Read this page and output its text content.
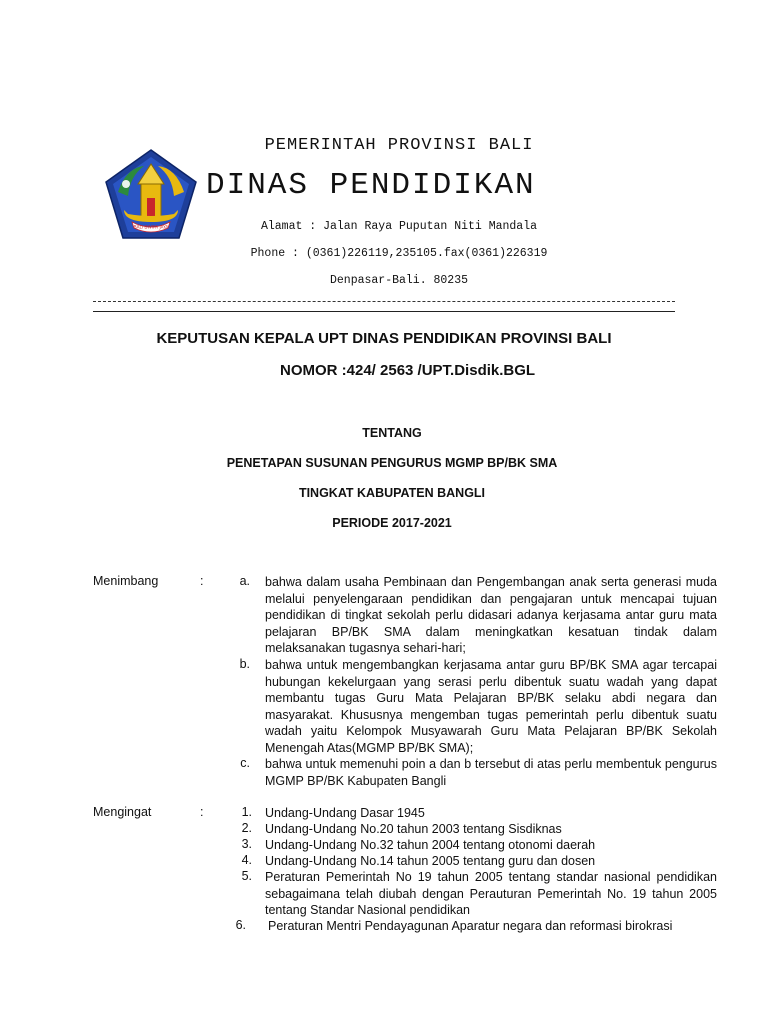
BALI DWIPA JAYA
PEMERINTAH PROVINSI BALI
DINAS PENDIDIKAN
Alamat : Jalan Raya Puputan Niti Mandala
Phone : (0361)226119,235105.fax(0361)226319
Denpasar-Bali. 80235
KEPUTUSAN KEPALA UPT DINAS PENDIDIKAN PROVINSI BALI
NOMOR :424/ 2563 /UPT.Disdik.BGL
TENTANG
PENETAPAN SUSUNAN PENGURUS MGMP BP/BK SMA
TINGKAT KABUPATEN BANGLI
PERIODE 2017-2021
Menimbang	:	a. bahwa dalam usaha Pembinaan dan Pengembangan anak serta generasi muda melalui penyelengaraan pendidikan dan pengajaran untuk mencapai tujuan pendidikan di tingkat sekolah perlu didasari adanya kerjasama antar guru mata pelajaran BP/BK SMA dalam meningkatkan kesatuan tindak dalam melaksanakan tugasnya sehari-hari;
b. bahwa untuk mengembangkan kerjasama antar guru BP/BK SMA agar tercapai hubungan kekelurgaan yang serasi perlu dibentuk suatu wadah yang dapat membantu tugas Guru Mata Pelajaran BP/BK selaku abdi negara dan masyarakat. Khususnya mengemban tugas pemerintah perlu dibentuk suatu wadah yaitu Kelompok Musyawarah Guru Mata Pelajaran BP/BK Sekolah Menengah Atas(MGMP BP/BK SMA);
c. bahwa untuk memenuhi poin a dan b tersebut di atas perlu membentuk pengurus MGMP BP/BK Kabupaten Bangli
Mengingat	:	1. Undang-Undang Dasar 1945
2. Undang-Undang No.20 tahun 2003 tentang Sisdiknas
3. Undang-Undang No.32 tahun 2004 tentang otonomi daerah
4. Undang-Undang No.14 tahun 2005 tentang guru dan dosen
5. Peraturan Pemerintah No 19 tahun 2005 tentang standar nasional pendidikan sebagaimana telah diubah dengan Perauturan Pemerintah No. 19 tahun 2005 tentang Standar Nasional pendidikan
6. Peraturan Mentri Pendayagunan Aparatur negara dan reformasi birokrasi
